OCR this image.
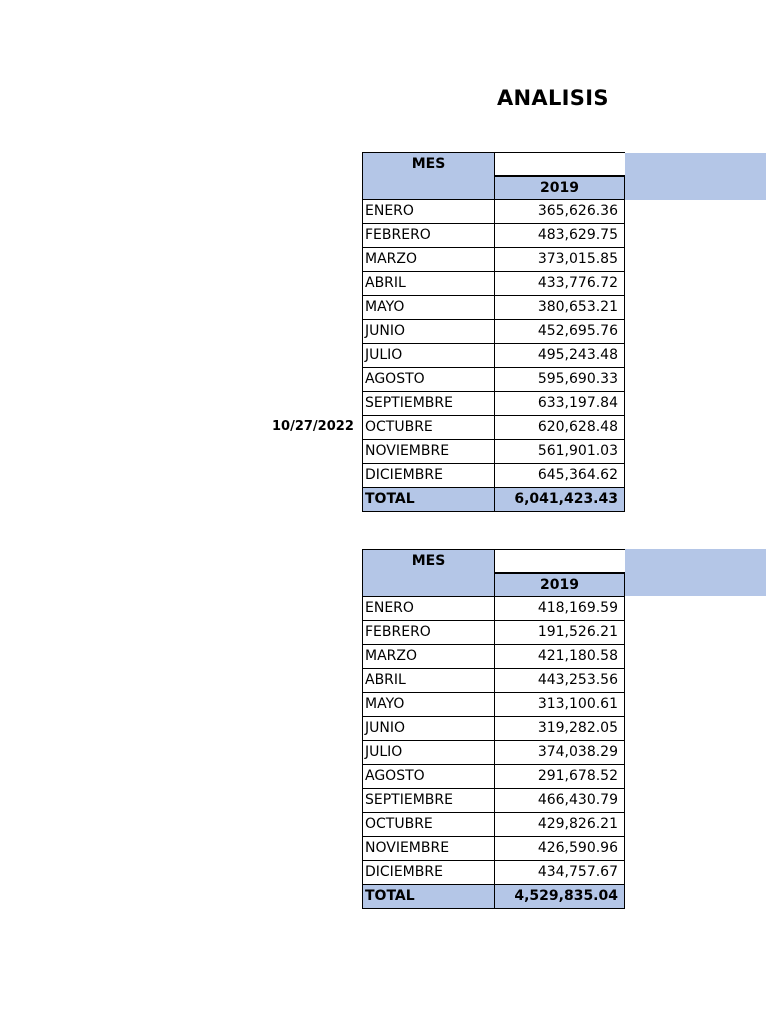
ANALISIS
10/27/2022
MES
2019
ENERO	365,626.36
FEBRERO	483,629.75
MARZO	373,015.85
ABRIL	433,776.72
MAYO	380,653.21
JUNIO	452,695.76
JULIO	495,243.48
AGOSTO	595,690.33
SEPTIEMBRE	633,197.84
OCTUBRE	620,628.48
NOVIEMBRE	561,901.03
DICIEMBRE	645,364.62
TOTAL	6,041,423.43
MES
2019
ENERO	418,169.59
FEBRERO	191,526.21
MARZO	421,180.58
ABRIL	443,253.56
MAYO	313,100.61
JUNIO	319,282.05
JULIO	374,038.29
AGOSTO	291,678.52
SEPTIEMBRE	466,430.79
OCTUBRE	429,826.21
NOVIEMBRE	426,590.96
DICIEMBRE	434,757.67
TOTAL	4,529,835.04
